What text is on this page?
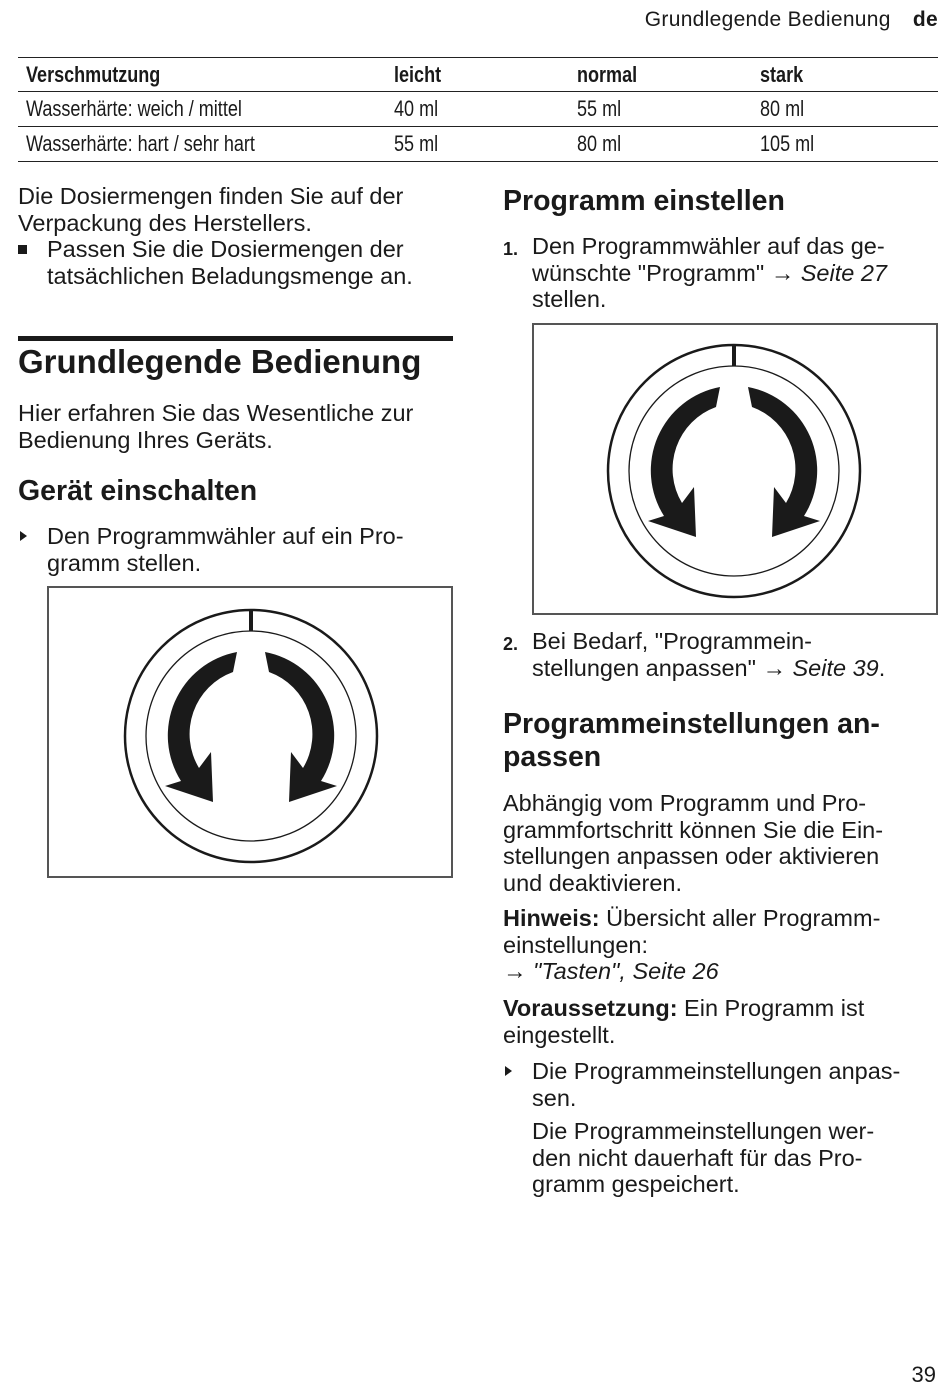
Grundlegende Bedienung de
Verschmutzung	leicht	normal	stark
Wasserhärte: weich / mittel	40 ml	55 ml	80 ml
Wasserhärte: hart / sehr hart	55 ml	80 ml	105 ml
Die Dosiermengen finden Sie auf der
Verpackung des Herstellers.
Passen Sie die Dosiermengen der
tatsächlichen Beladungsmenge an.
Grundlegende Bedienung
Hier erfahren Sie das Wesentliche zur
Bedienung Ihres Geräts.
Gerät einschalten
Den Programmwähler auf ein Pro-
gramm stellen.
Programm einstellen
1. Den Programmwähler auf das ge-
wünschte "Programm" → Seite 27
stellen.
2. Bei Bedarf, "Programmein-
stellungen anpassen" → Seite 39.
Programmeinstellungen an-
passen
Abhängig vom Programm und Pro-
grammfortschritt können Sie die Ein-
stellungen anpassen oder aktivieren
und deaktivieren.
Hinweis: Übersicht aller Programm-
einstellungen:
→ "Tasten", Seite 26
Voraussetzung: Ein Programm ist
eingestellt.
Die Programmeinstellungen anpas-
sen.
Die Programmeinstellungen wer-
den nicht dauerhaft für das Pro-
gramm gespeichert.
39
